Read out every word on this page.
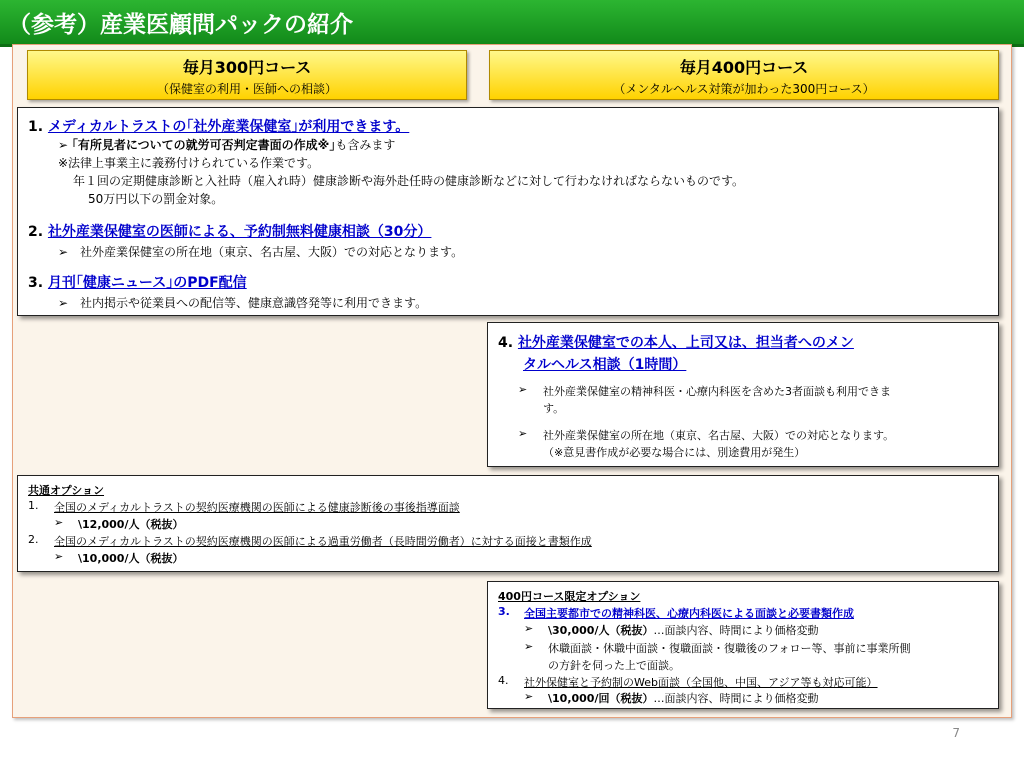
（参考）産業医顧問パックの紹介
毎月300円コース
（保健室の利用・医師への相談）
毎月400円コース
（メンタルヘルス対策が加わった300円コース）
1. メディカルトラストの｢社外産業保健室｣が利用できます。
➢ ｢有所見者についての就労可否判定書面の作成※｣も含みます
※法律上事業主に義務付けられている作業です。
年１回の定期健康診断と入社時（雇入れ時）健康診断や海外赴任時の健康診断などに対して行わなければならないものです。
50万円以下の罰金対象。
2. 社外産業保健室の医師による、予約制無料健康相談（30分）
➢　社外産業保健室の所在地（東京、名古屋、大阪）での対応となります。
3. 月刊｢健康ニュース｣のPDF配信
➢　社内掲示や従業員への配信等、健康意識啓発等に利用できます。
4. 社外産業保健室での本人、上司又は、担当者へのメン
タルヘルス相談（1時間）
➢ 社外産業保健室の精神科医・心療内科医を含めた3者面談も利用できま
す。
➢ 社外産業保健室の所在地（東京、名古屋、大阪）での対応となります。
（※意見書作成が必要な場合には、別途費用が発生）
共通オプション
1. 全国のメディカルトラストの契約医療機関の医師による健康診断後の事後指導面談
➢ \12,000/人（税抜）
2. 全国のメディカルトラストの契約医療機関の医師による過重労働者（長時間労働者）に対する面接と書類作成
➢ \10,000/人（税抜）
400円コース限定オプション
3. 全国主要都市での精神科医、心療内科医による面談と必要書類作成
➢ \30,000/人（税抜）…面談内容、時間により価格変動
➢ 休職面談・休職中面談・復職面談・復職後のフォロー等、事前に事業所側
の方針を伺った上で面談。
4. 社外保健室と予約制のWeb面談（全国他、中国、アジア等も対応可能）
➢ \10,000/回（税抜）…面談内容、時間により価格変動
7
